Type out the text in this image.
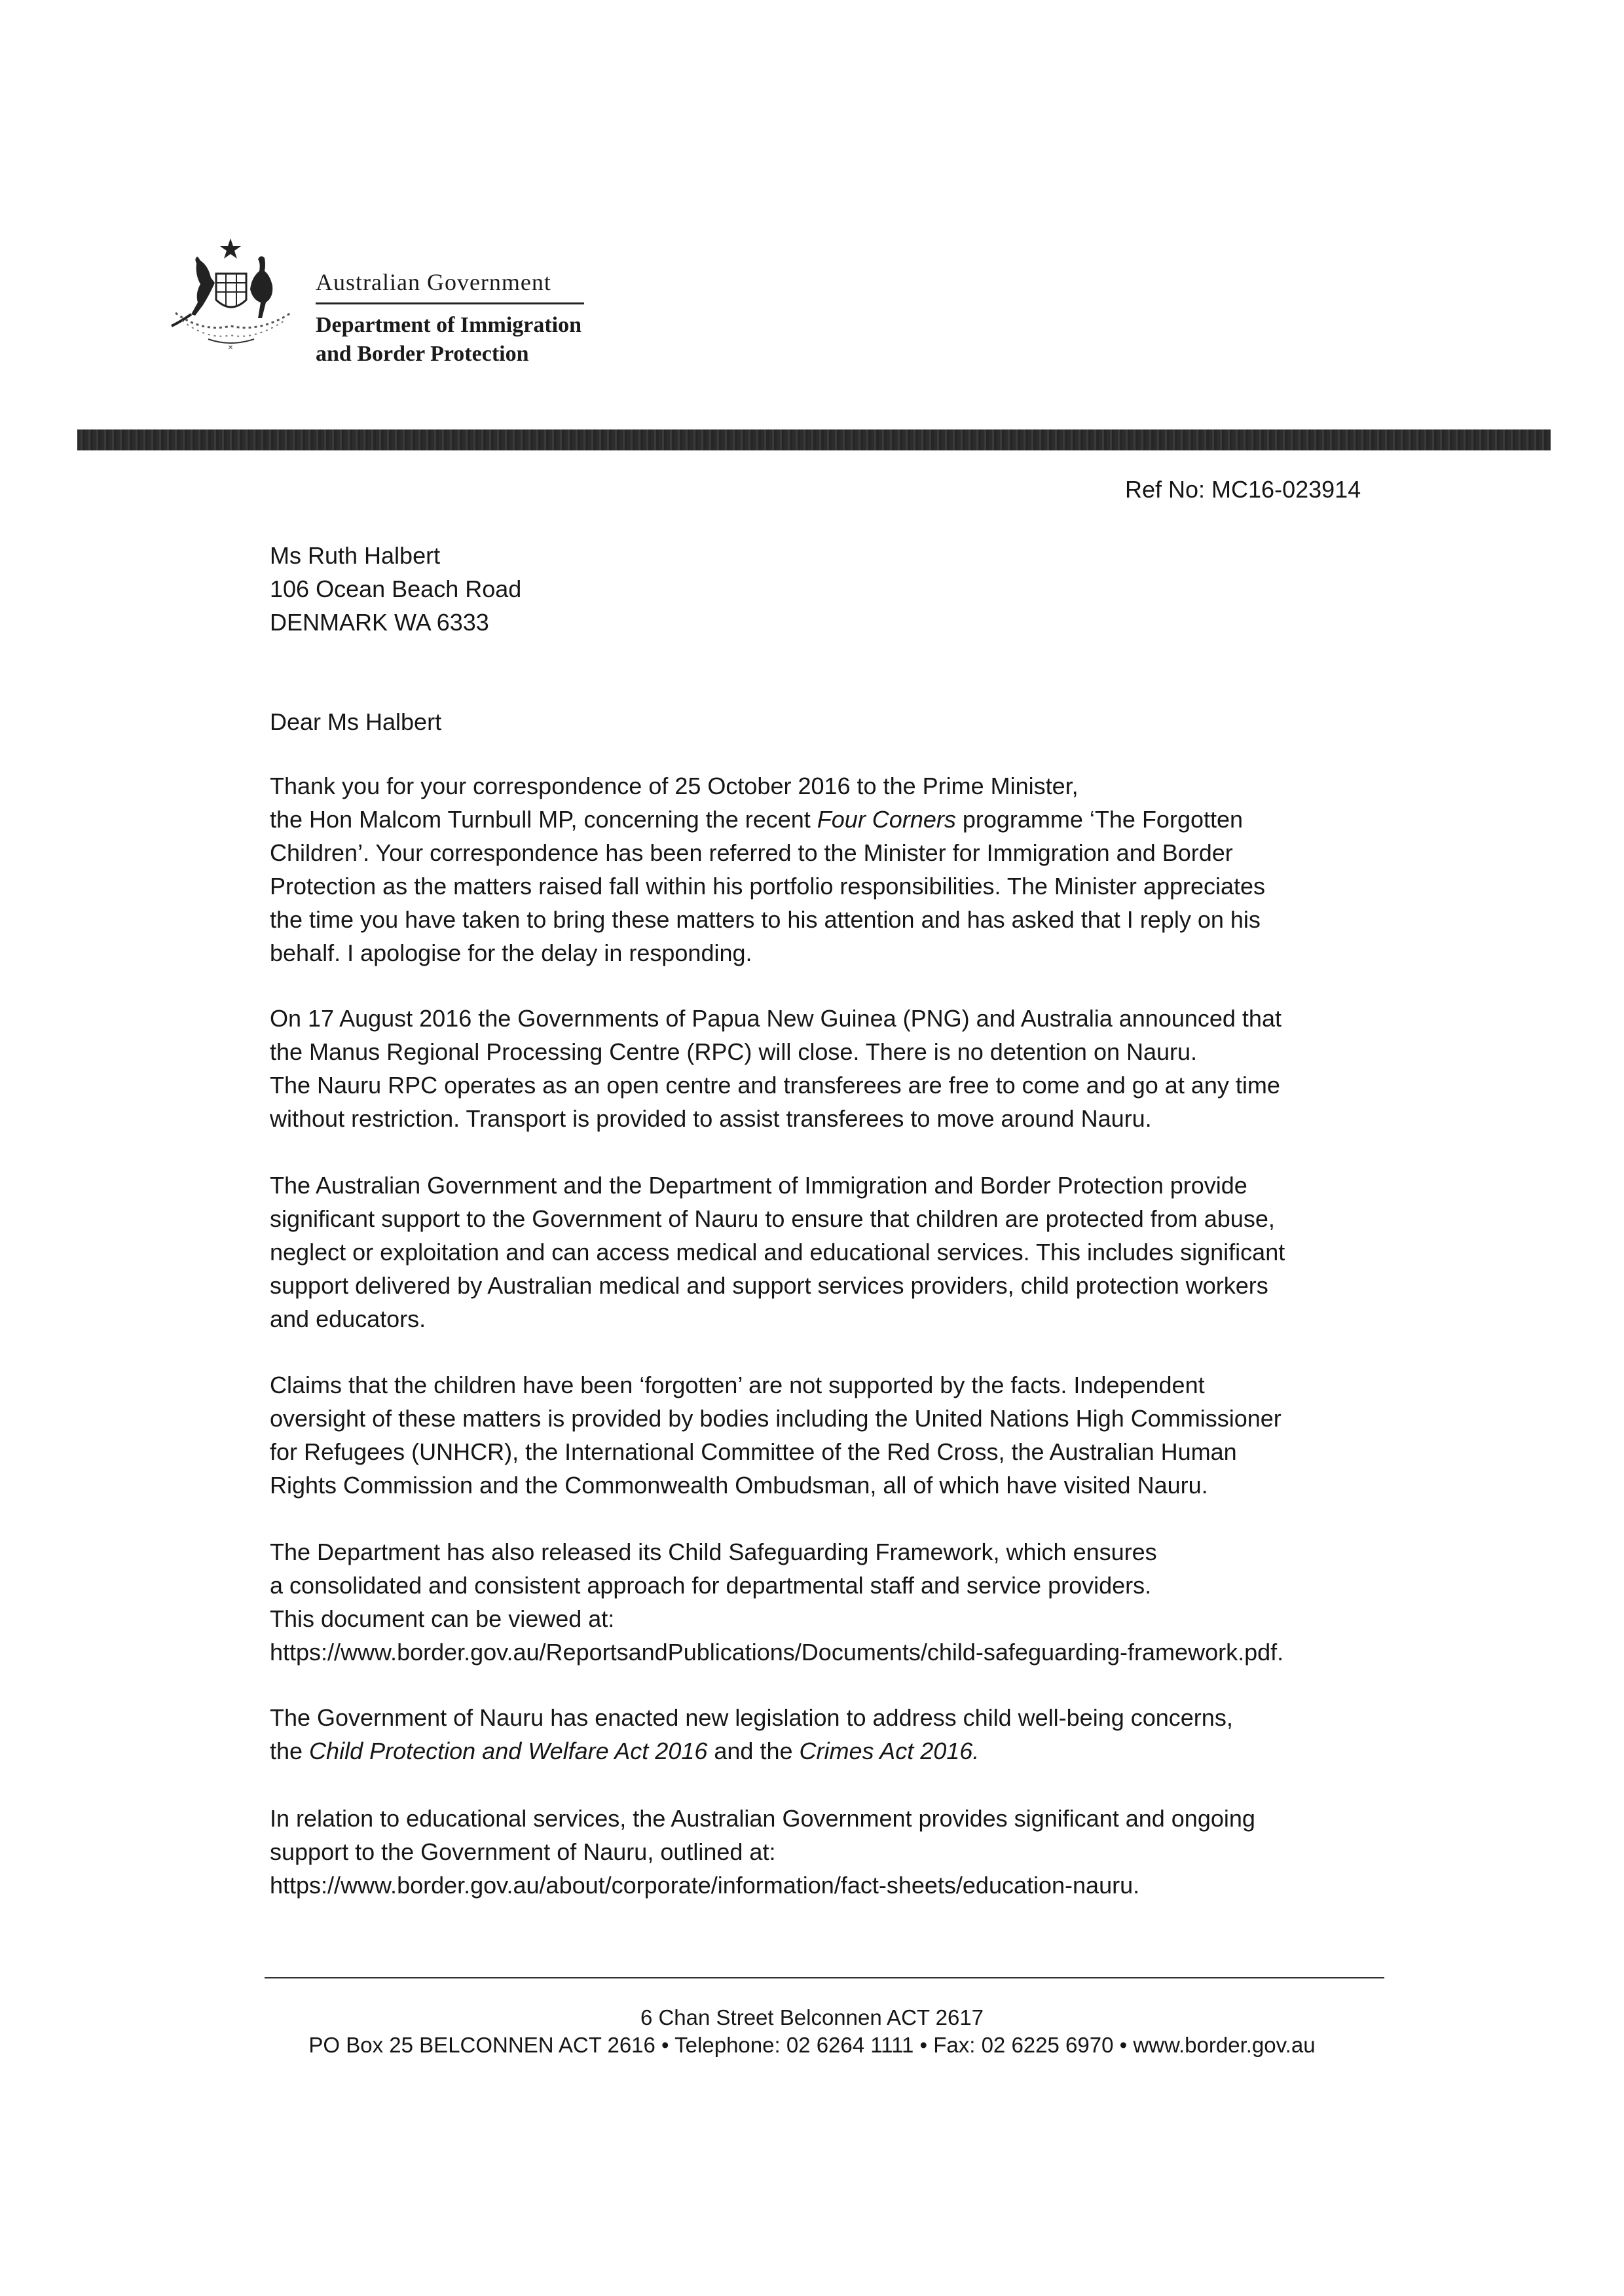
✕
Australian Government
Department of Immigration
and Border Protection
Ref No: MC16-023914
Ms Ruth Halbert
106 Ocean Beach Road
DENMARK WA 6333
Dear Ms Halbert
Thank you for your correspondence of 25 October 2016 to the Prime Minister,
the Hon Malcom Turnbull MP, concerning the recent Four Corners programme ‘The Forgotten
Children’. Your correspondence has been referred to the Minister for Immigration and Border
Protection as the matters raised fall within his portfolio responsibilities. The Minister appreciates
the time you have taken to bring these matters to his attention and has asked that I reply on his
behalf. I apologise for the delay in responding.
On 17 August 2016 the Governments of Papua New Guinea (PNG) and Australia announced that
the Manus Regional Processing Centre (RPC) will close. There is no detention on Nauru.
The Nauru RPC operates as an open centre and transferees are free to come and go at any time
without restriction. Transport is provided to assist transferees to move around Nauru.
The Australian Government and the Department of Immigration and Border Protection provide
significant support to the Government of Nauru to ensure that children are protected from abuse,
neglect or exploitation and can access medical and educational services. This includes significant
support delivered by Australian medical and support services providers, child protection workers
and educators.
Claims that the children have been ‘forgotten’ are not supported by the facts. Independent
oversight of these matters is provided by bodies including the United Nations High Commissioner
for Refugees (UNHCR), the International Committee of the Red Cross, the Australian Human
Rights Commission and the Commonwealth Ombudsman, all of which have visited Nauru.
The Department has also released its Child Safeguarding Framework, which ensures
a consolidated and consistent approach for departmental staff and service providers.
This document can be viewed at:
https://www.border.gov.au/ReportsandPublications/Documents/child-safeguarding-framework.pdf.
The Government of Nauru has enacted new legislation to address child well-being concerns,
the Child Protection and Welfare Act 2016 and the Crimes Act 2016.
In relation to educational services, the Australian Government provides significant and ongoing
support to the Government of Nauru, outlined at:
https://www.border.gov.au/about/corporate/information/fact-sheets/education-nauru.
6 Chan Street Belconnen ACT 2617
PO Box 25 BELCONNEN ACT 2616 • Telephone: 02 6264 1111 • Fax: 02 6225 6970 • www.border.gov.au
